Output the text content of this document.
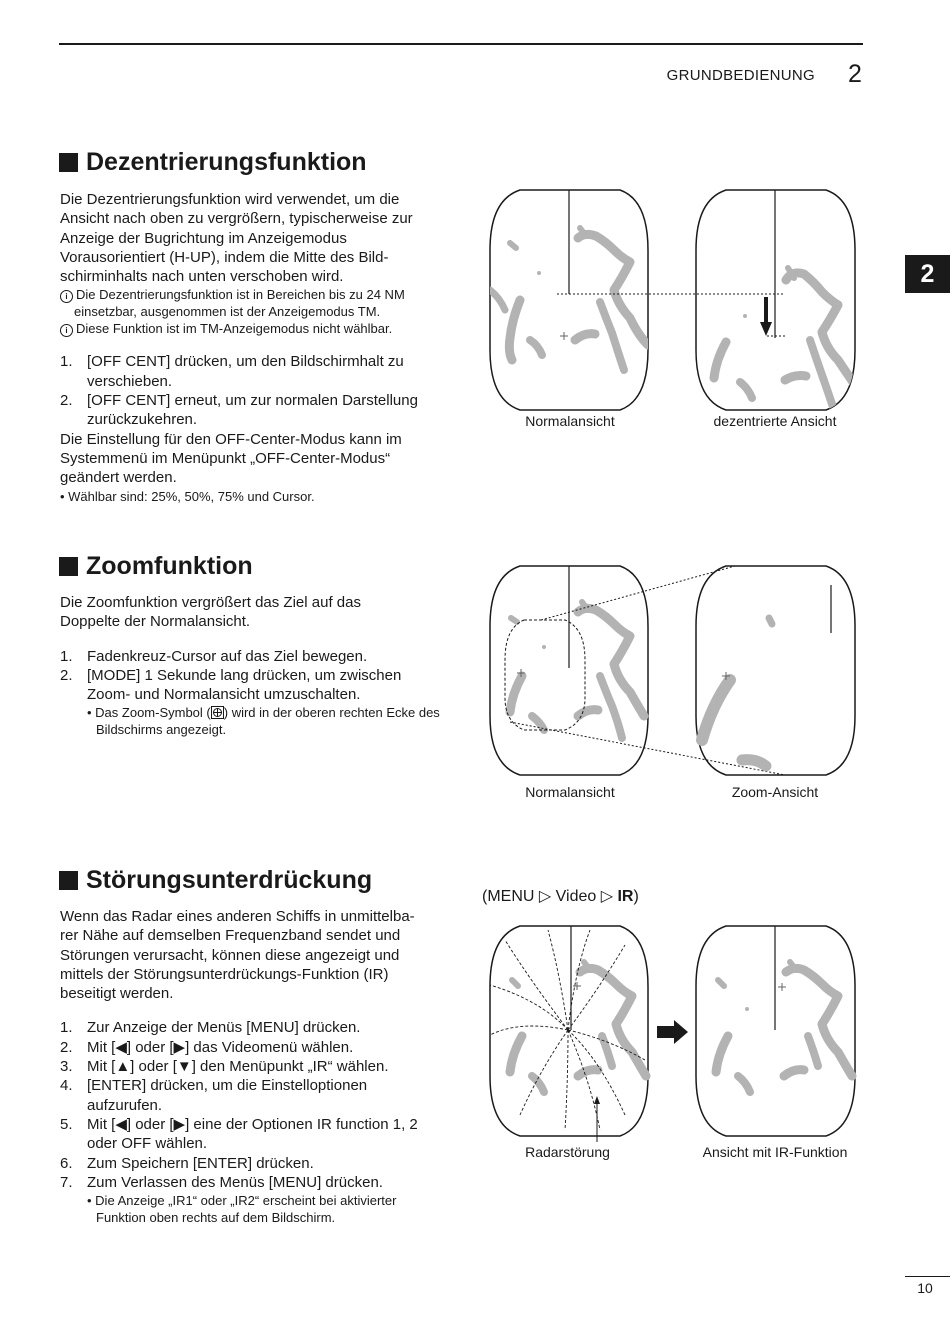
GRUNDBEDIENUNG	2
2
Dezentrierungsfunktion
Die Dezentrierungsfunktion wird verwendet, um die
Ansicht nach oben zu vergrößern, typischerweise zur
Anzeige der Bugrichtung im Anzeigemodus
Vorausorientiert (H-UP), indem die Mitte des Bild-
schirminhalts nach unten verschoben wird.
i Die Dezentrierungsfunktion ist in Bereichen bis zu 24 NM einsetzbar, ausgenommen ist der Anzeigemodus TM.
i Diese Funktion ist im TM-Anzeigemodus nicht wählbar.
1. [OFF CENT] drücken, um den Bildschirmhalt zu verschieben.
2. [OFF CENT] erneut, um zur normalen Darstellung zurückzukehren.
Die Einstellung für den OFF-Center-Modus kann im
Systemmenü im Menüpunkt „OFF-Center-Modus“
geändert werden.
• Wählbar sind: 25%, 50%, 75% und Cursor.
Zoomfunktion
Die Zoomfunktion vergrößert das Ziel auf das
Doppelte der Normalansicht.
1. Fadenkreuz-Cursor auf das Ziel bewegen.
2. [MODE] 1 Sekunde lang drücken, um zwischen Zoom- und Normalansicht umzuschalten.
• Das Zoom-Symbol ( ) wird in der oberen rechten Ecke des Bildschirms angezeigt.
Störungsunterdrückung
(MENU ▷ Video ▷ IR)
Wenn das Radar eines anderen Schiffs in unmittelba-
rer Nähe auf demselben Frequenzband sendet und
Störungen verursacht, können diese angezeigt und
mittels der Störungsunterdrückungs-Funktion (IR)
beseitigt werden.
1. Zur Anzeige der Menüs [MENU] drücken.
2. Mit [◀] oder [▶] das Videomenü wählen.
3. Mit [▲] oder [▼] den Menüpunkt „IR“ wählen.
4. [ENTER] drücken, um die Einstelloptionen aufzurufen.
5. Mit [◀] oder [▶] eine der Optionen IR function 1, 2 oder OFF wählen.
6. Zum Speichern [ENTER] drücken.
7. Zum Verlassen des Menüs [MENU] drücken.
• Die Anzeige „IR1“ oder „IR2“ erscheint bei aktivierter Funktion oben rechts auf dem Bildschirm.
Normalansicht	dezentrierte Ansicht
Normalansicht	Zoom-Ansicht
Radarstörung	Ansicht mit IR-Funktion
10
